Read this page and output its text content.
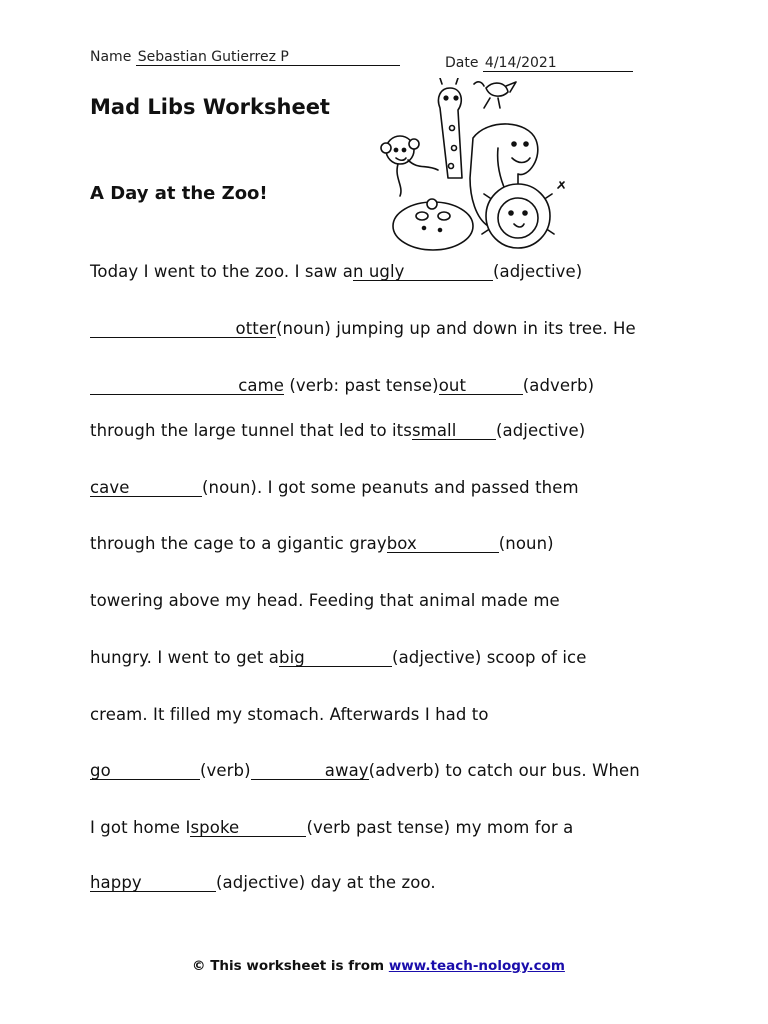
Name Sebastian Gutierrez P	Date 4/14/2021
Mad Libs Worksheet
A Day at the Zoo!
Today I went to the zoo. I saw an ugly	(adjective)
otter(noun) jumping up and down in its tree. He
came (verb: past tense)out	(adverb)
through the large tunnel that led to itssmall (adjective)
cave	(noun). I got some peanuts and passed them
through the cage to a gigantic graybox	(noun)
towering above my head. Feeding that animal made me
hungry. I went to get abig	(adjective) scoop of ice
cream. It filled my stomach. Afterwards I had to
go	(verb)	away(adverb) to catch our bus. When
I got home Ispoke	(verb past tense) my mom for a
happy	(adjective) day at the zoo.
© This worksheet is from www.teach-nology.com
